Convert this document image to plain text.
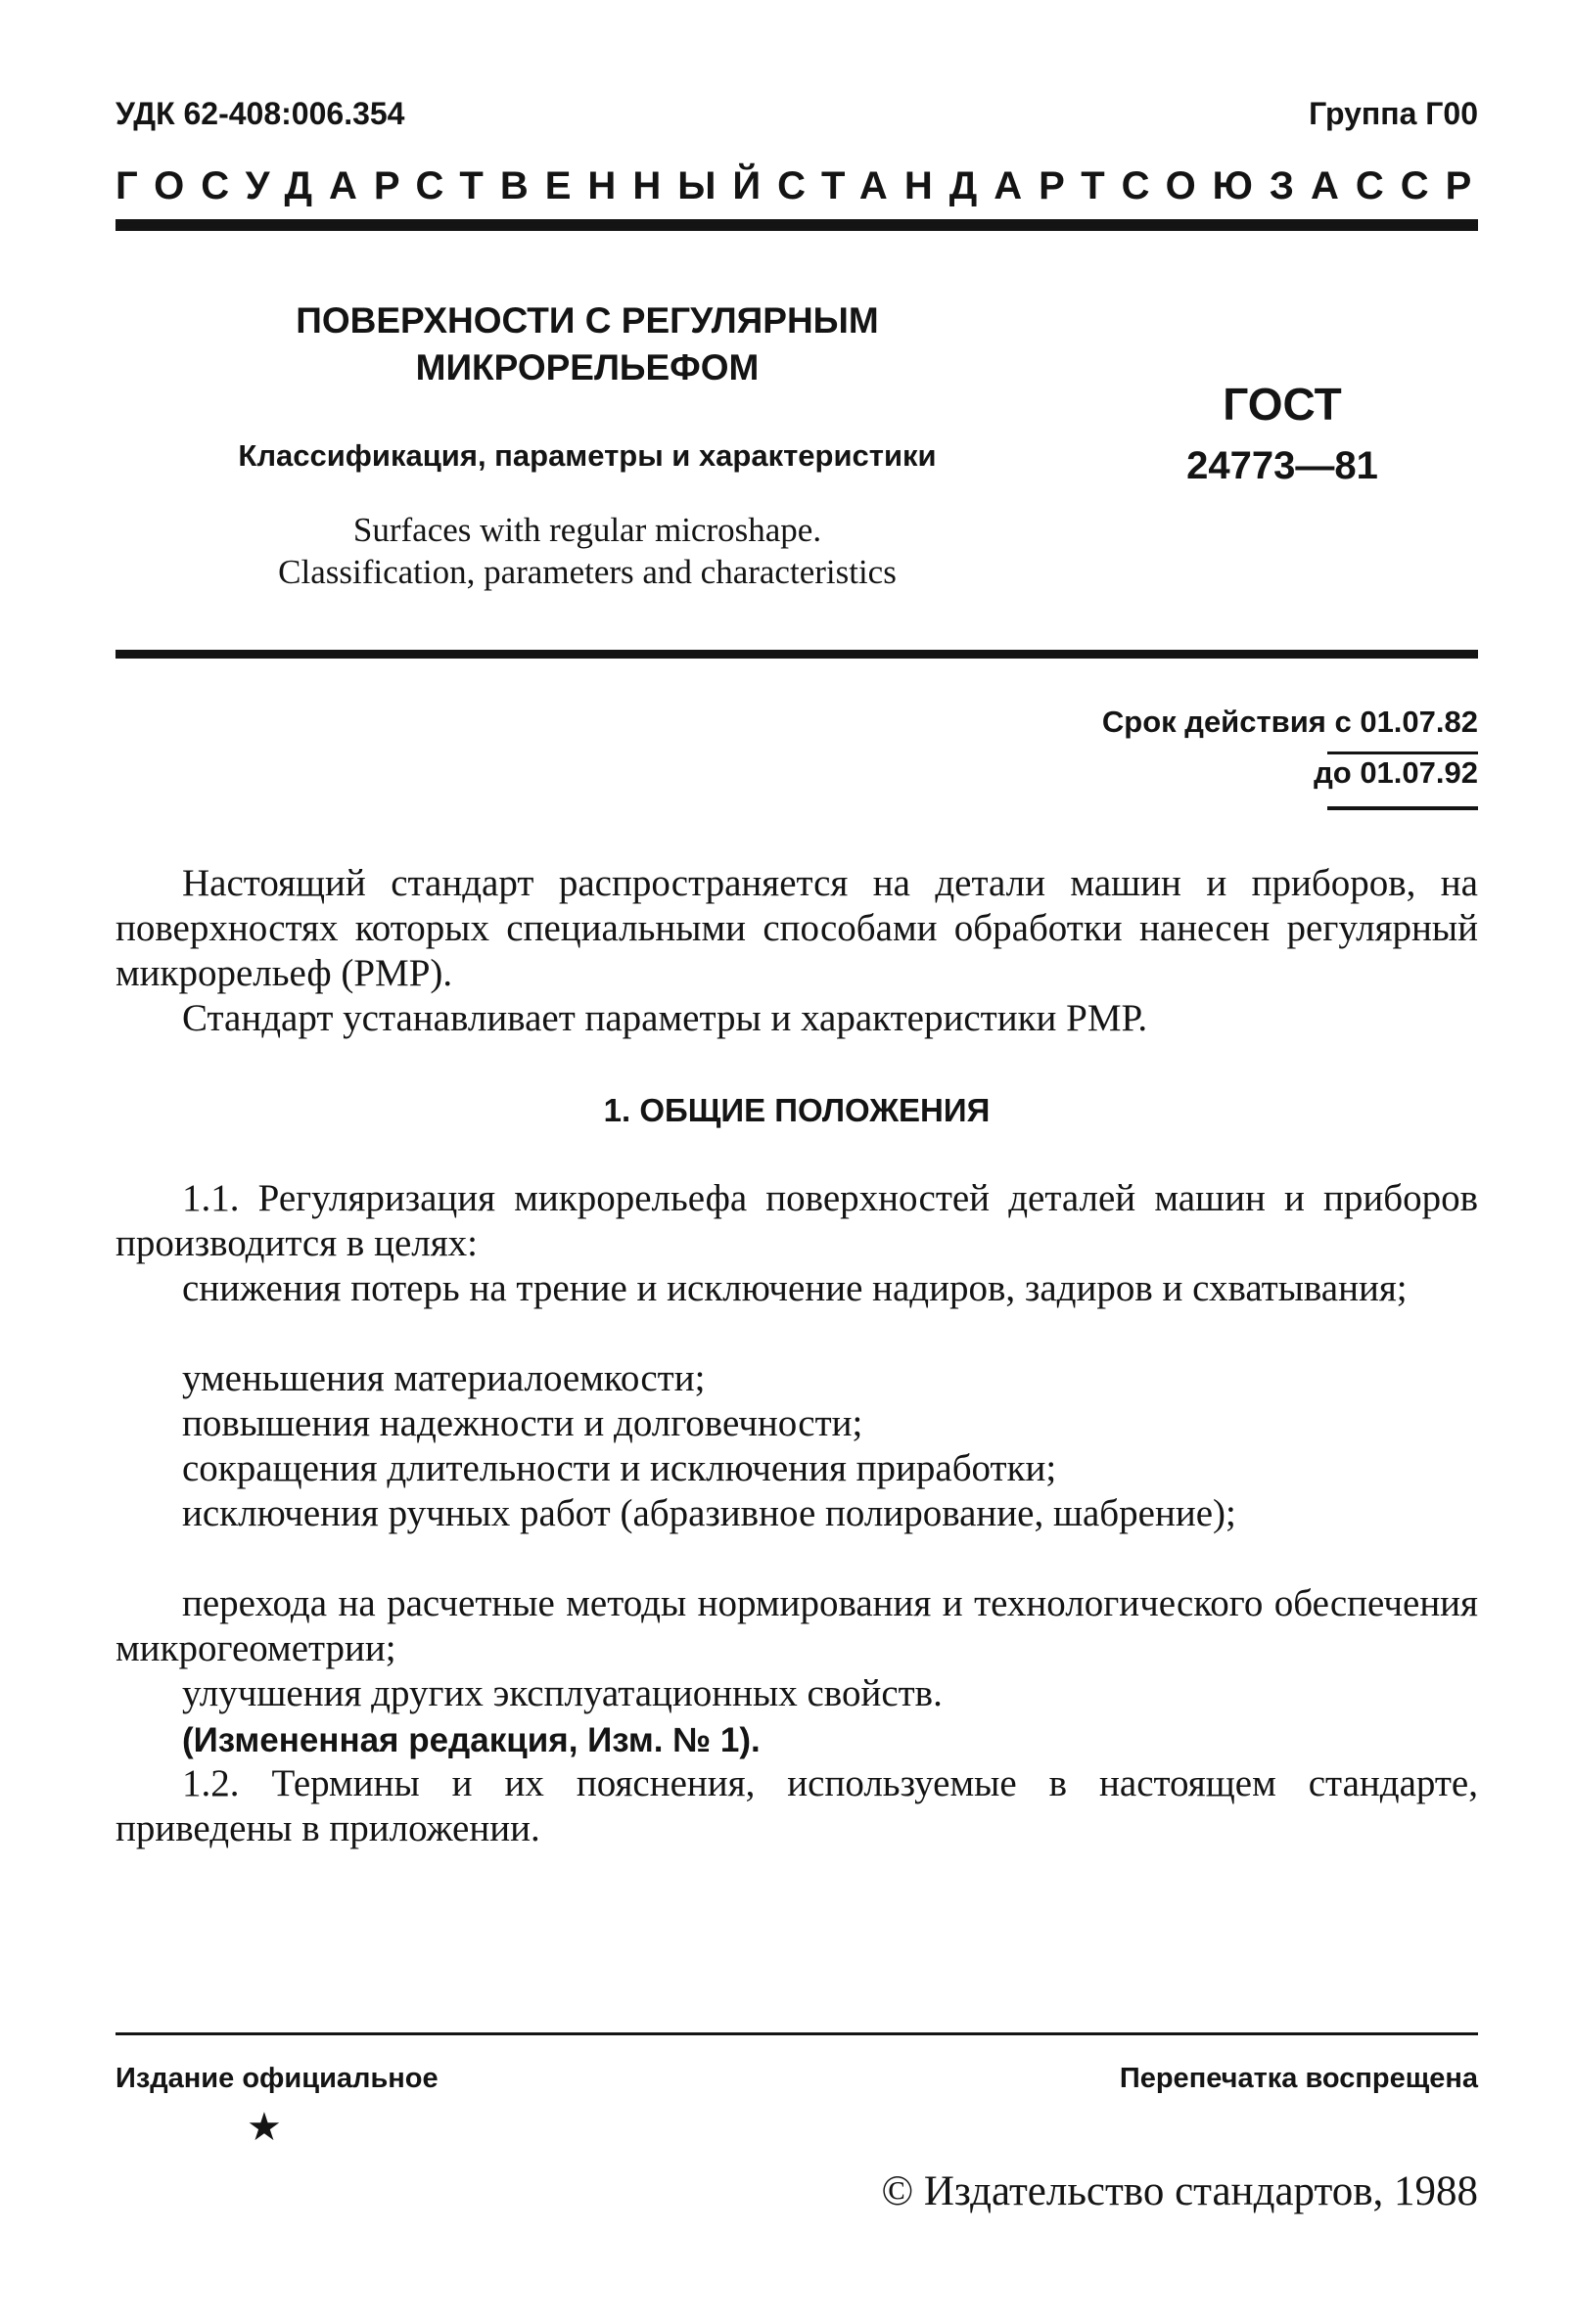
УДК 62-408:006.354	Группа Г00
ГОСУДАРСТВЕННЫЙ СТАНДАРТ СОЮЗА ССР
ПОВЕРХНОСТИ С РЕГУЛЯРНЫМ
МИКРОРЕЛЬЕФОМ
Классификация, параметры и характеристики
Surfaces with regular microshape.
Classification, parameters and characteristics
ГОСТ
24773—81
Срок действия с 01.07.82
до 01.07.92
Настоящий стандарт распространяется на детали машин и приборов, на поверхностях которых специальными способами обработки нанесен регулярный микрорельеф (РМР).
Стандарт устанавливает параметры и характеристики РМР.
1. ОБЩИЕ ПОЛОЖЕНИЯ
1.1. Регуляризация микрорельефа поверхностей деталей машин и приборов производится в целях:
снижения потерь на трение и исключение надиров, задиров и схватывания;
уменьшения материалоемкости;
повышения надежности и долговечности;
сокращения длительности и исключения приработки;
исключения ручных работ (абразивное полирование, шабрение);
перехода на расчетные методы нормирования и технологического обеспечения микрогеометрии;
улучшения других эксплуатационных свойств.
(Измененная редакция, Изм. № 1).
1.2. Термины и их пояснения, используемые в настоящем стандарте, приведены в приложении.
Издание официальное	Перепечатка воспрещена
★
© Издательство стандартов, 1988
